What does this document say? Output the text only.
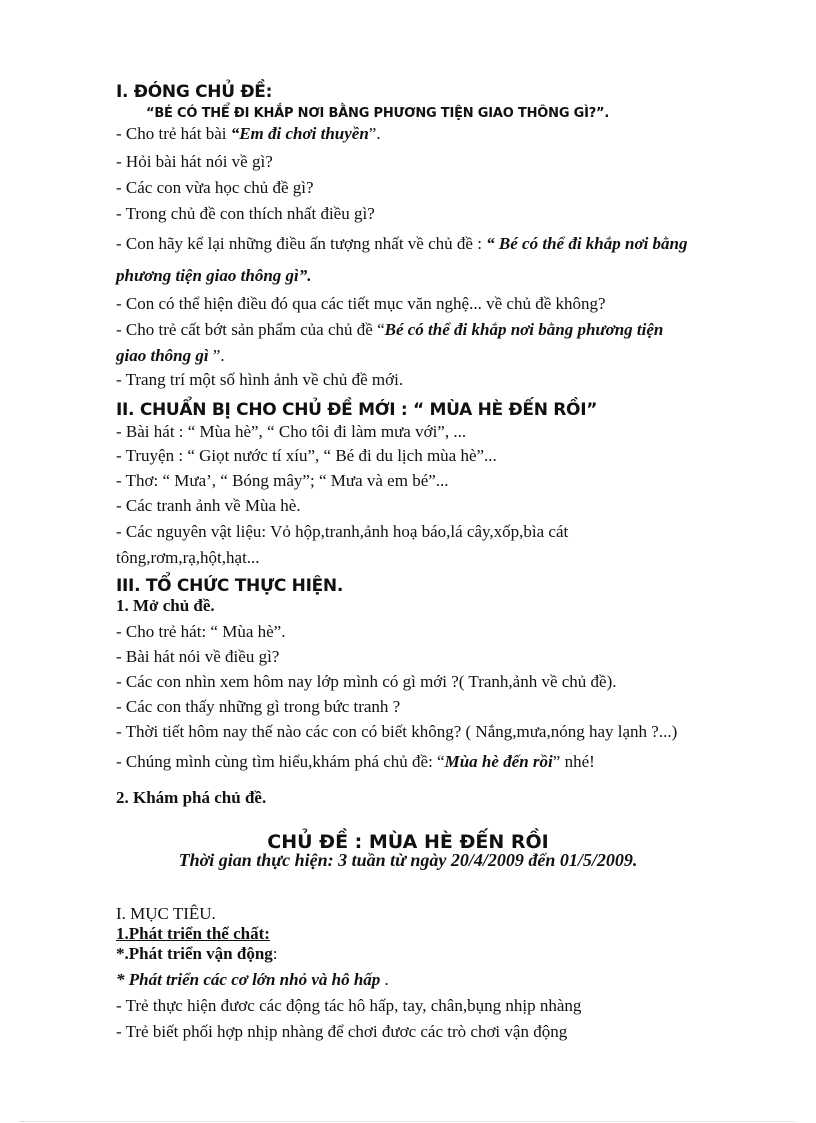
I. ĐÓNG CHỦ ĐỀ:
“BÉ CÓ THỂ ĐI KHẮP NƠI BẰNG PHƯƠNG TIỆN GIAO THÔNG GÌ?”.
- Cho trẻ hát bài “Em đi chơi thuyền”.
- Hỏi bài hát nói về gì?
- Các con vừa học chủ đề gì?
- Trong chủ đề con thích nhất điều gì?
- Con hãy kể lại những điều ấn tượng nhất về chủ đề : “ Bé có thể đi khắp nơi bằng
phương tiện giao thông gì”.
- Con có thể hiện điều đó qua các tiết mục văn nghệ... về chủ đề không?
- Cho trẻ cất bớt sản phẩm của chủ đề “Bé có thể đi khắp nơi bằng phương tiện
giao thông gì ”.
- Trang trí một số hình ảnh về chủ đề mới.
II. CHUẨN BỊ CHO CHỦ ĐỀ MỚI : “ MÙA HÈ ĐẾN RỒI”
- Bài hát : “ Mùa hè”, “ Cho tôi đi làm mưa với”, ...
- Truyện : “ Giọt nước tí xíu”, “ Bé đi du lịch mùa hè”...
- Thơ: “ Mưa’, “ Bóng mây”; “ Mưa và em bé”...
- Các tranh ảnh về Mùa hè.
- Các nguyên vật liệu: Vỏ hộp,tranh,ảnh hoạ báo,lá cây,xốp,bìa cát
tông,rơm,rạ,hột,hạt...
III. TỔ CHỨC THỰC HIỆN.
1. Mở chủ đề.
- Cho trẻ hát: “ Mùa hè”.
- Bài hát nói về điều gì?
- Các con nhìn xem hôm nay lớp mình có gì mới ?( Tranh,ảnh về chủ đề).
- Các con thấy những gì trong bức tranh ?
- Thời tiết hôm nay thế nào các con có biết không? ( Nắng,mưa,nóng hay lạnh ?...)
- Chúng mình cùng tìm hiểu,khám phá chủ đề: “Mùa hè đến rồi” nhé!
2. Khám phá chủ đề.
CHỦ ĐỀ : MÙA HÈ ĐẾN RỒI
Thời gian thực hiện: 3 tuần từ ngày 20/4/2009 đến 01/5/2009.
I. MỤC TIÊU.
1.Phát triển thể chất:
*.Phát triển vận động:
* Phát triển các cơ lớn nhỏ và hô hấp .
- Trẻ thực hiện đươc các động tác hô hấp, tay, chân,bụng nhịp nhàng
- Trẻ biết phối hợp nhịp nhàng để chơi đươc các trò chơi vận động
